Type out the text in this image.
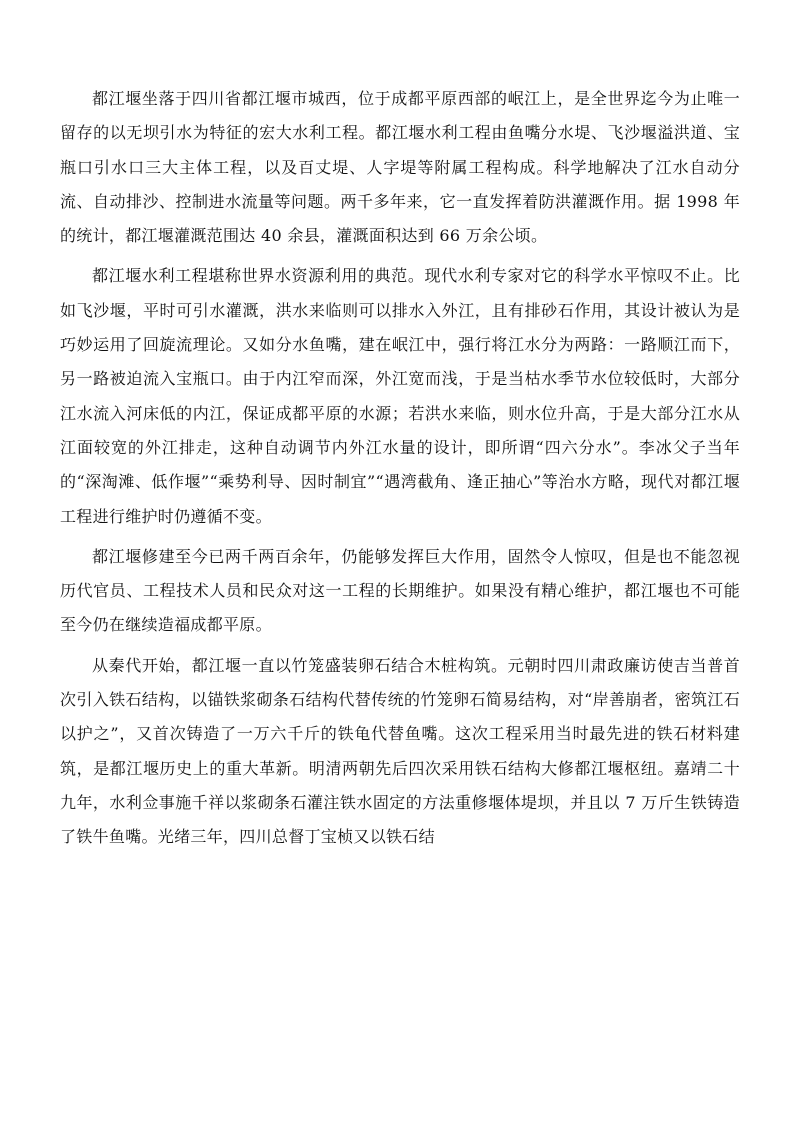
都江堰坐落于四川省都江堰市城西，位于成都平原西部的岷江上，是全世界迄今为止唯一留存的以无坝引水为特征的宏大水利工程。都江堰水利工程由鱼嘴分水堤、飞沙堰溢洪道、宝瓶口引水口三大主体工程，以及百丈堤、人字堤等附属工程构成。科学地解决了江水自动分流、自动排沙、控制进水流量等问题。两千多年来，它一直发挥着防洪灌溉作用。据 1998 年的统计，都江堰灌溉范围达 40 余县，灌溉面积达到 66 万余公顷。

都江堰水利工程堪称世界水资源利用的典范。现代水利专家对它的科学水平惊叹不止。比如飞沙堰，平时可引水灌溉，洪水来临则可以排水入外江，且有排砂石作用，其设计被认为是巧妙运用了回旋流理论。又如分水鱼嘴，建在岷江中，强行将江水分为两路：一路顺江而下，另一路被迫流入宝瓶口。由于内江窄而深，外江宽而浅，于是当枯水季节水位较低时，大部分江水流入河床低的内江，保证成都平原的水源；若洪水来临，则水位升高，于是大部分江水从江面较宽的外江排走，这种自动调节内外江水量的设计，即所谓“四六分水”。李冰父子当年的“深淘滩、低作堰”“乘势利导、因时制宜”“遇湾截角、逢正抽心”等治水方略，现代对都江堰工程进行维护时仍遵循不变。

都江堰修建至今已两千两百余年，仍能够发挥巨大作用，固然令人惊叹，但是也不能忽视历代官员、工程技术人员和民众对这一工程的长期维护。如果没有精心维护，都江堰也不可能至今仍在继续造福成都平原。

从秦代开始，都江堰一直以竹笼盛装卵石结合木桩构筑。元朝时四川肃政廉访使吉当普首次引入铁石结构，以锚铁浆砌条石结构代替传统的竹笼卵石简易结构，对“岸善崩者，密筑江石以护之”，又首次铸造了一万六千斤的铁龟代替鱼嘴。这次工程采用当时最先进的铁石材料建筑，是都江堰历史上的重大革新。明清两朝先后四次采用铁石结构大修都江堰枢纽。嘉靖二十九年，水利佥事施千祥以浆砌条石灌注铁水固定的方法重修堰体堤坝，并且以 7 万斤生铁铸造了铁牛鱼嘴。光绪三年，四川总督丁宝桢又以铁石结
